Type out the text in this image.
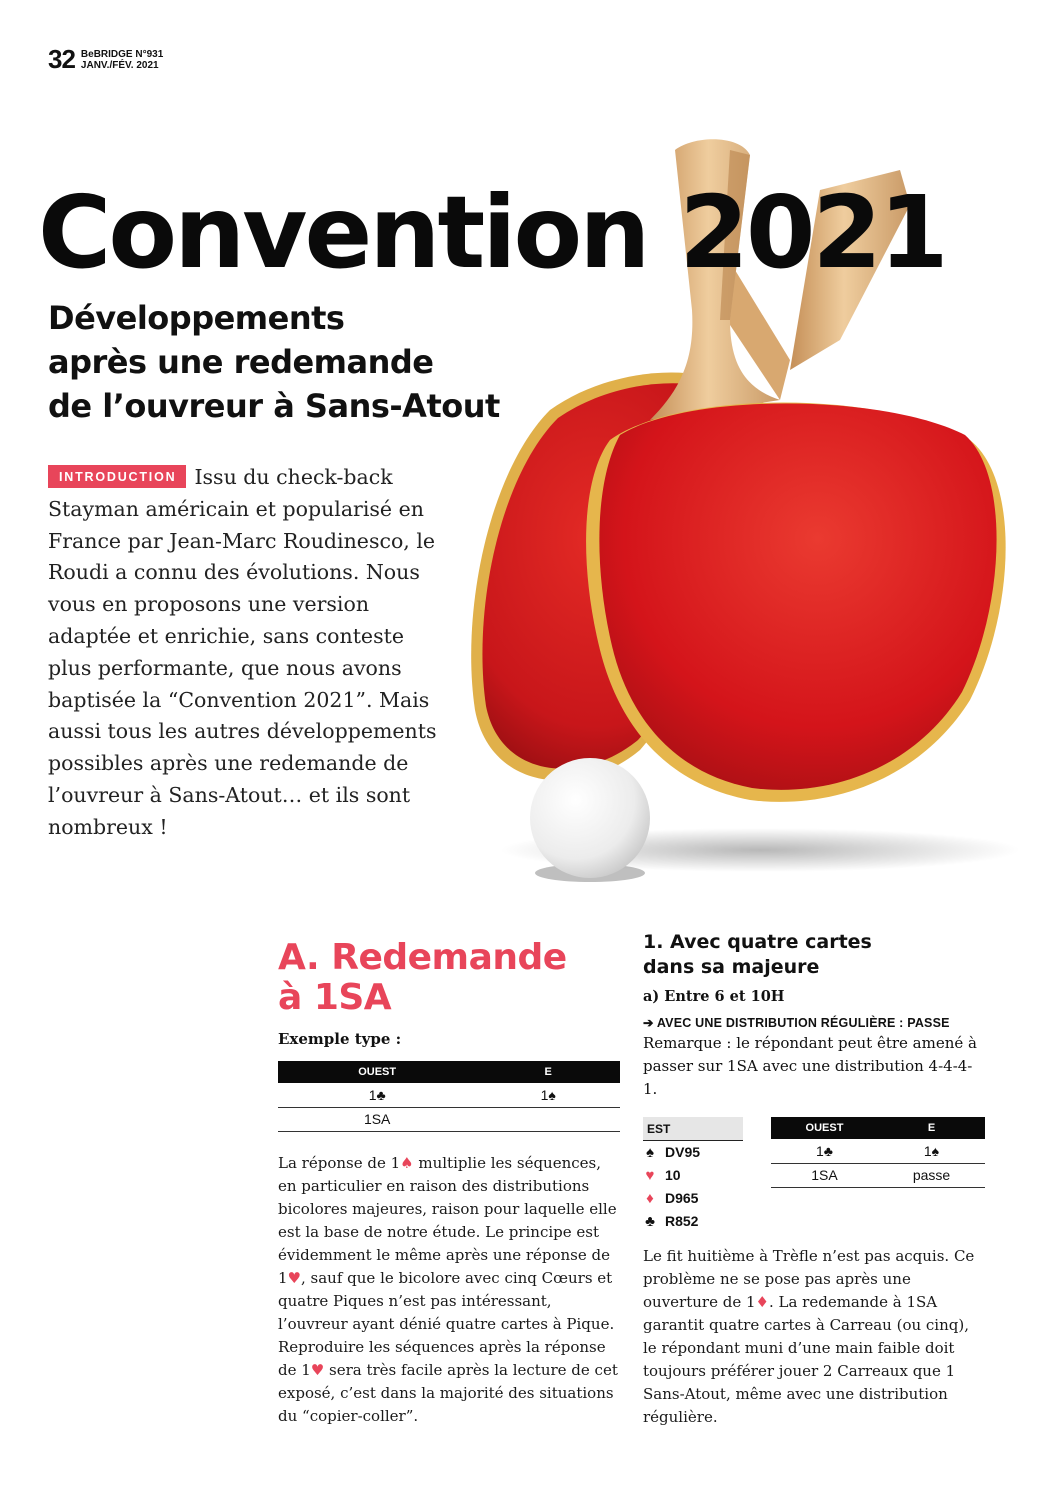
32 BeBRIDGE N°931
JANV./FÉV. 2021
Convention 2021
Développements
après une redemande
de l’ouvreur à Sans-Atout

INTRODUCTION Issu du check-back Stayman américain et popularisé en France par Jean-Marc Roudinesco, le Roudi a connu des évolutions. Nous vous en proposons une version adaptée et enrichie, sans conteste plus performante, que nous avons baptisée la “Convention 2021”. Mais aussi tous les autres développements possibles après une redemande de l’ouvreur à Sans-Atout… et ils sont nombreux !

A. Redemande
à 1SA
Exemple type :
OUEST	E
1♣	1♠
1SA	

La réponse de 1♠ multiplie les séquences, en particulier en raison des distributions bicolores majeures, raison pour laquelle elle est la base de notre étude. Le principe est évidemment le même après une réponse de 1♥, sauf que le bicolore avec cinq Cœurs et quatre Piques n’est pas intéressant, l’ouvreur ayant dénié quatre cartes à Pique. Reproduire les séquences après la réponse de 1♥ sera très facile après la lecture de cet exposé, c’est dans la majorité des situations du “copier-coller”.

1. Avec quatre cartes
dans sa majeure
a) Entre 6 et 10H
➔ AVEC UNE DISTRIBUTION RÉGULIÈRE : PASSE

Remarque : le répondant peut être amené à passer sur 1SA avec une distribution 4-4-4-1.

EST
♠ DV95
♥ 10
♦ D965
♣ R852
OUEST	E
1♣	1♠
1SA	passe

Le fit huitième à Trèfle n’est pas acquis. Ce problème ne se pose pas après une ouverture de 1♦. La redemande à 1SA garantit quatre cartes à Carreau (ou cinq), le répondant muni d’une main faible doit toujours préférer jouer 2 Carreaux que 1 Sans-Atout, même avec une distribution régulière.
